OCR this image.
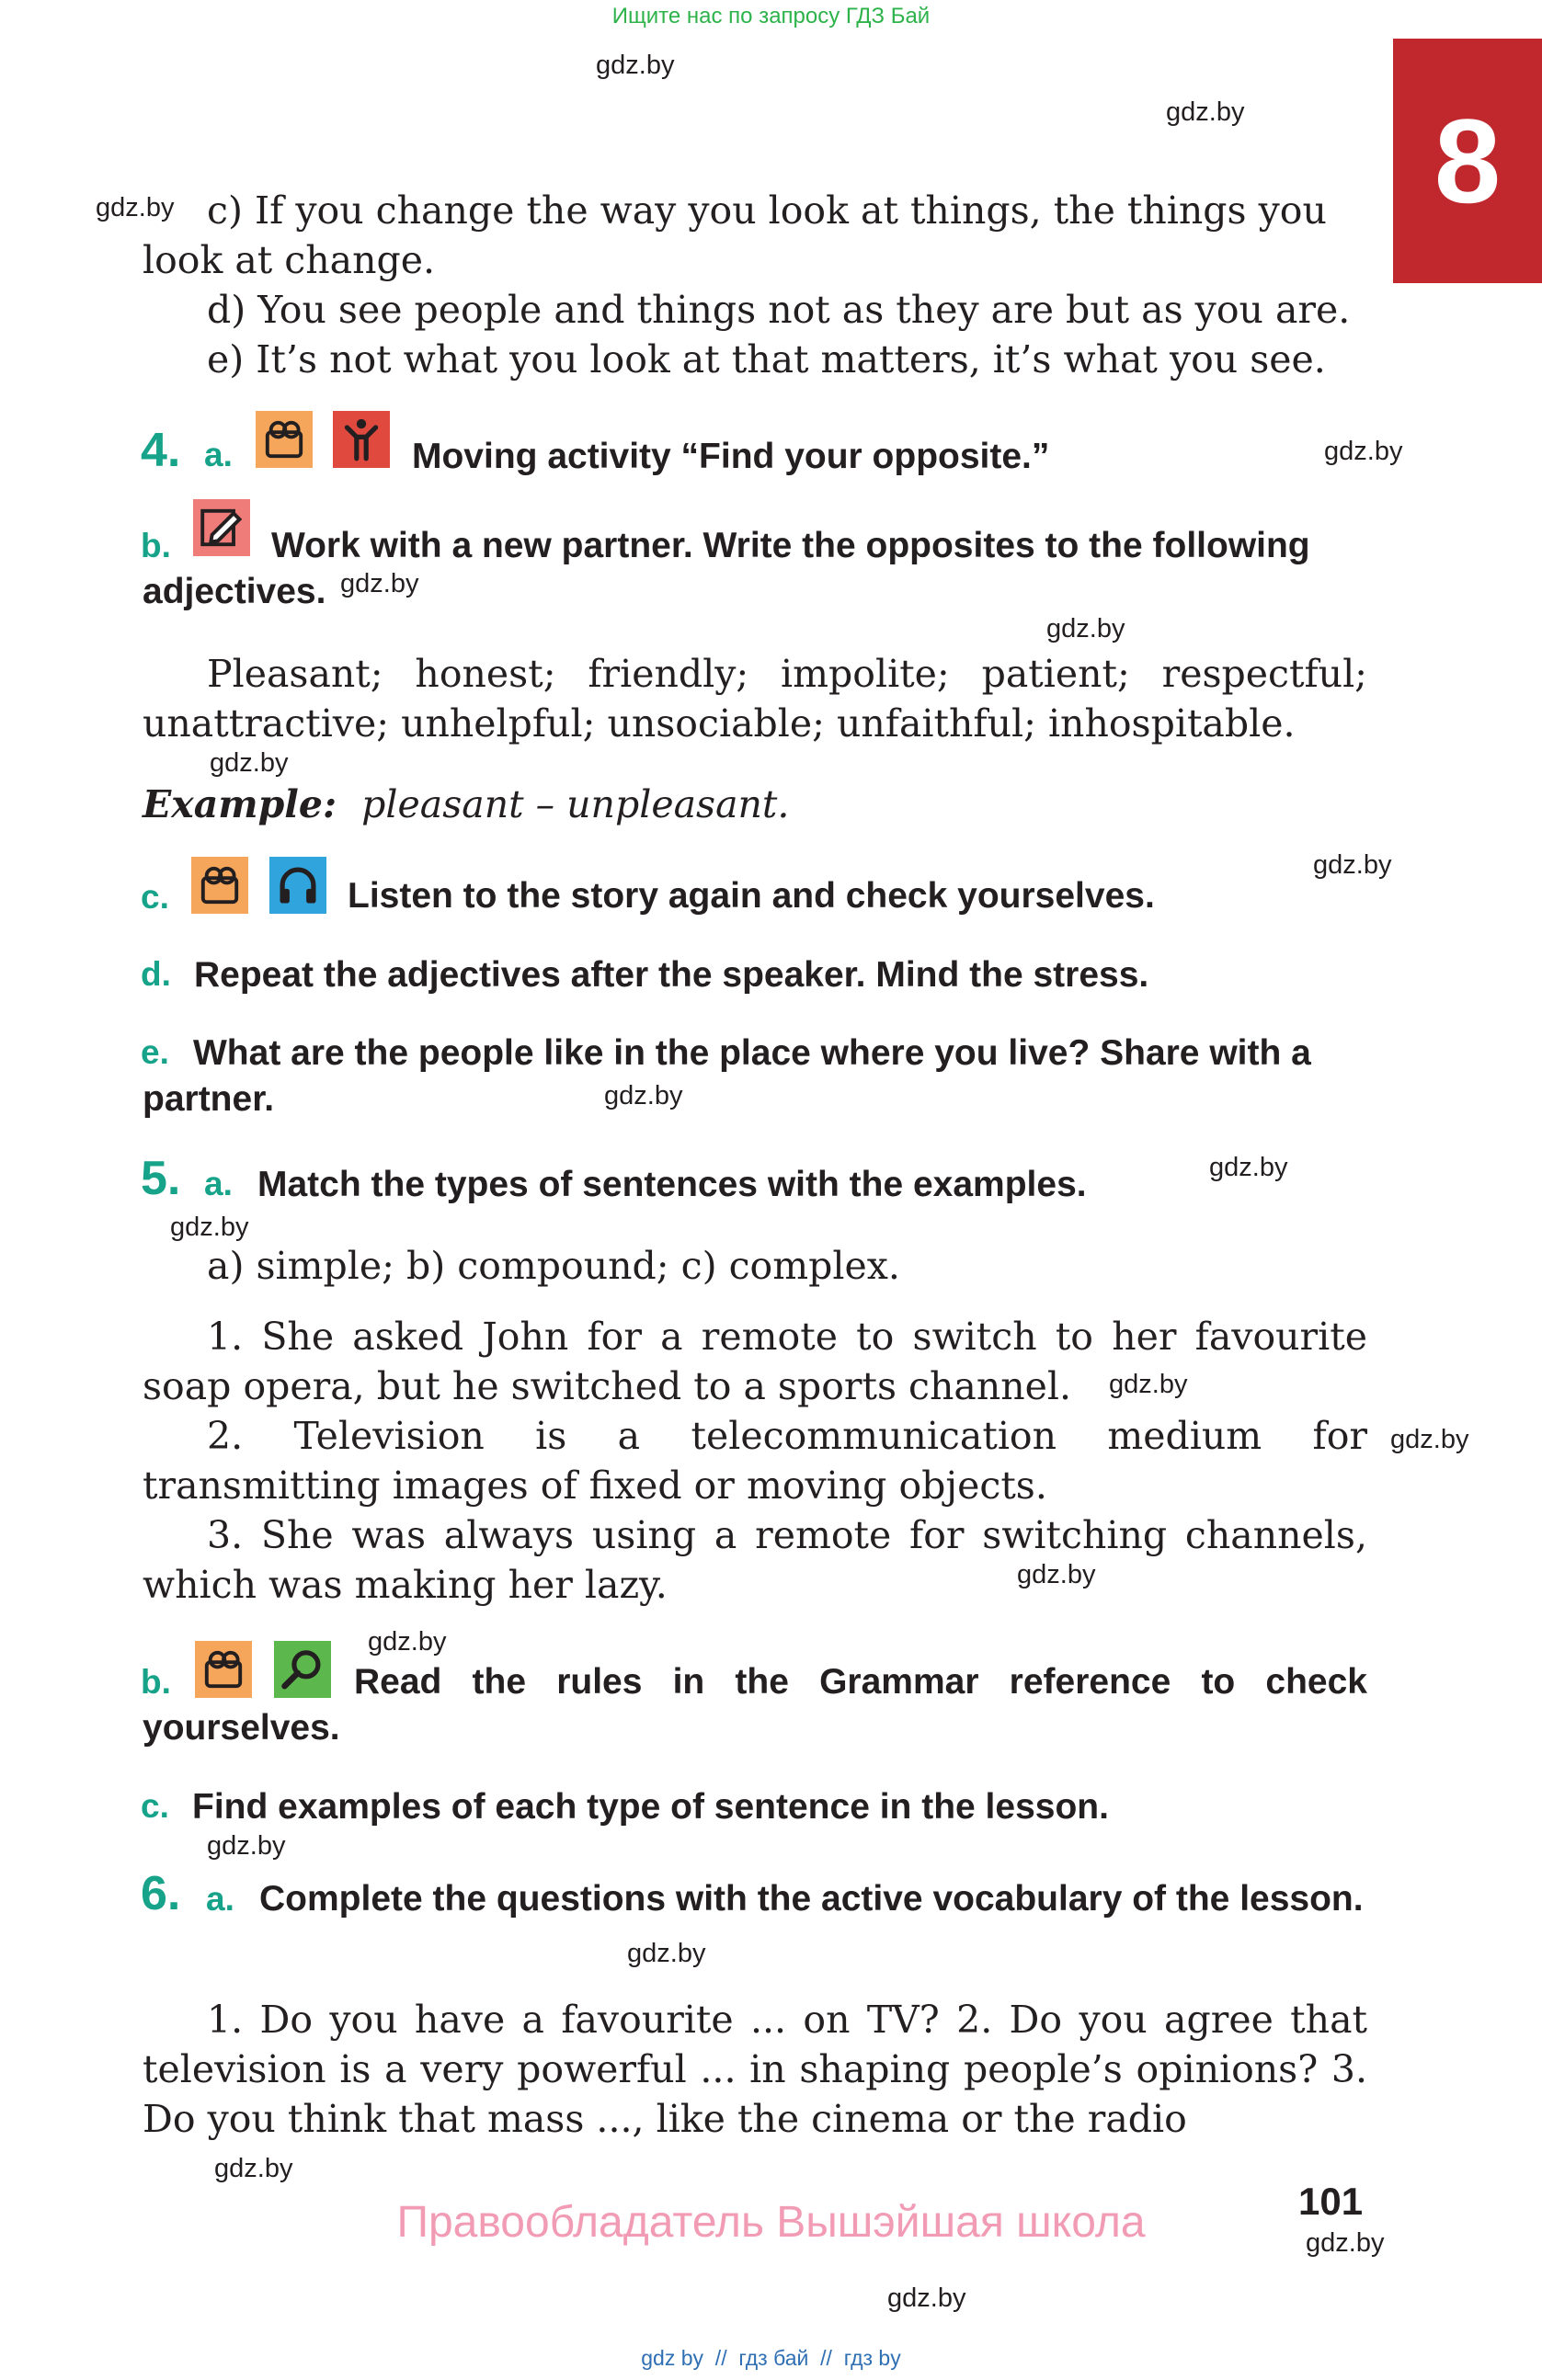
Ищите нас по запросу ГДЗ Бай
8
gdz.by
gdz.by
gdz.by
gdz.by
gdz.by
gdz.by
gdz.by
gdz.by
gdz.by
gdz.by
gdz.by
gdz.by
gdz.by
gdz.by
gdz.by
gdz.by
gdz.by
gdz.by
gdz.by
gdz.by
c) If you change the way you look at things, the things you look at change.
d) You see people and things not as they are but as you are.
e) It’s not what you look at that matters, it’s what you see.
4. a.	Moving activity “Find your opposite.”
b.	Work with a new partner. Write the opposites to the following adjectives.
Pleasant; honest; friendly; impolite; patient; respectful; unattractive; unhelpful; unsociable; unfaithful; inhospitable.
Example: pleasant – unpleasant.
c.	Listen to the story again and check yourselves.
d. Repeat the adjectives after the speaker. Mind the stress.
e. What are the people like in the place where you live? Share with a partner.
5. a. Match the types of sentences with the examples.
a) simple; b) compound; c) complex.
1. She asked John for a remote to switch to her favourite soap opera, but he switched to a sports channel.
2. Television is a telecommunication medium for transmitting images of fixed or moving objects.
3. She was always using a remote for switching channels, which was making her lazy.
b.	Read the rules in the Grammar reference to check yourselves.
c. Find examples of each type of sentence in the lesson.
6. a. Complete the questions with the active vocabulary of the lesson.
1. Do you have a favourite ... on TV? 2. Do you agree that television is a very powerful ... in shaping people’s opinions? 3. Do you think that mass ..., like the cinema or the radio
101
Правообладатель Вышэйшая школа
gdz by  //  гдз бай  //  гдз by
